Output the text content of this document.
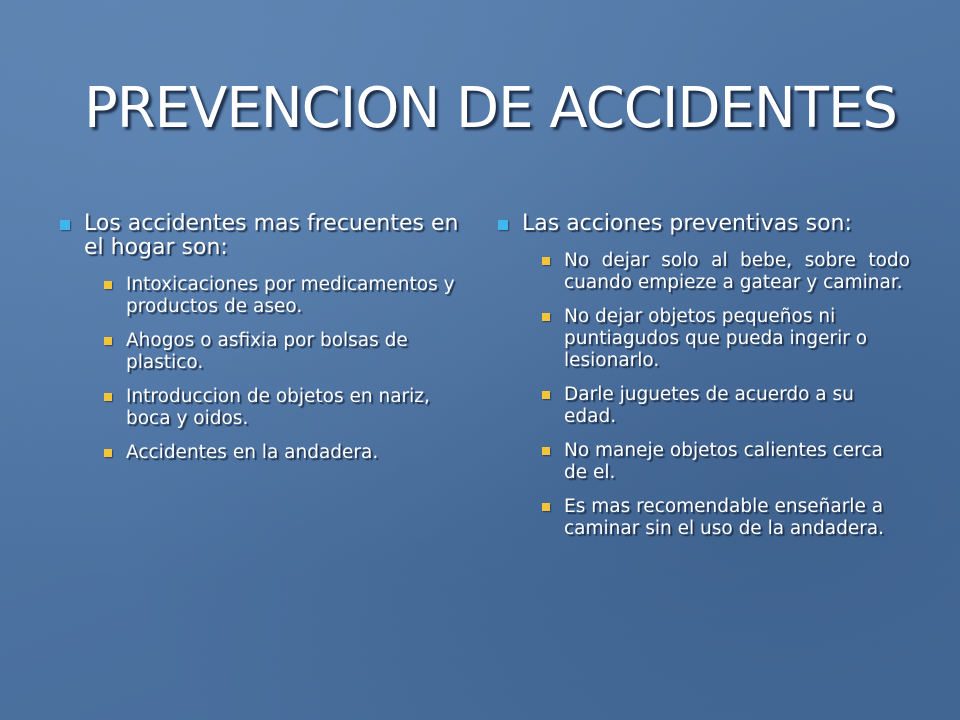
PREVENCION DE ACCIDENTES
Los accidentes mas frecuentes en el hogar son:
Intoxicaciones por medicamentos y productos de aseo.
Ahogos o asfixia por bolsas de plastico.
Introduccion de objetos en nariz, boca y oidos.
Accidentes en la andadera.
Las acciones preventivas son:
No dejar solo al bebe, sobre todo cuando empieze a gatear y caminar.
No dejar objetos pequeños ni puntiagudos que pueda ingerir o lesionarlo.
Darle juguetes de acuerdo a su edad.
No maneje objetos calientes cerca de el.
Es mas recomendable enseñarle a caminar sin el uso de la andadera.
